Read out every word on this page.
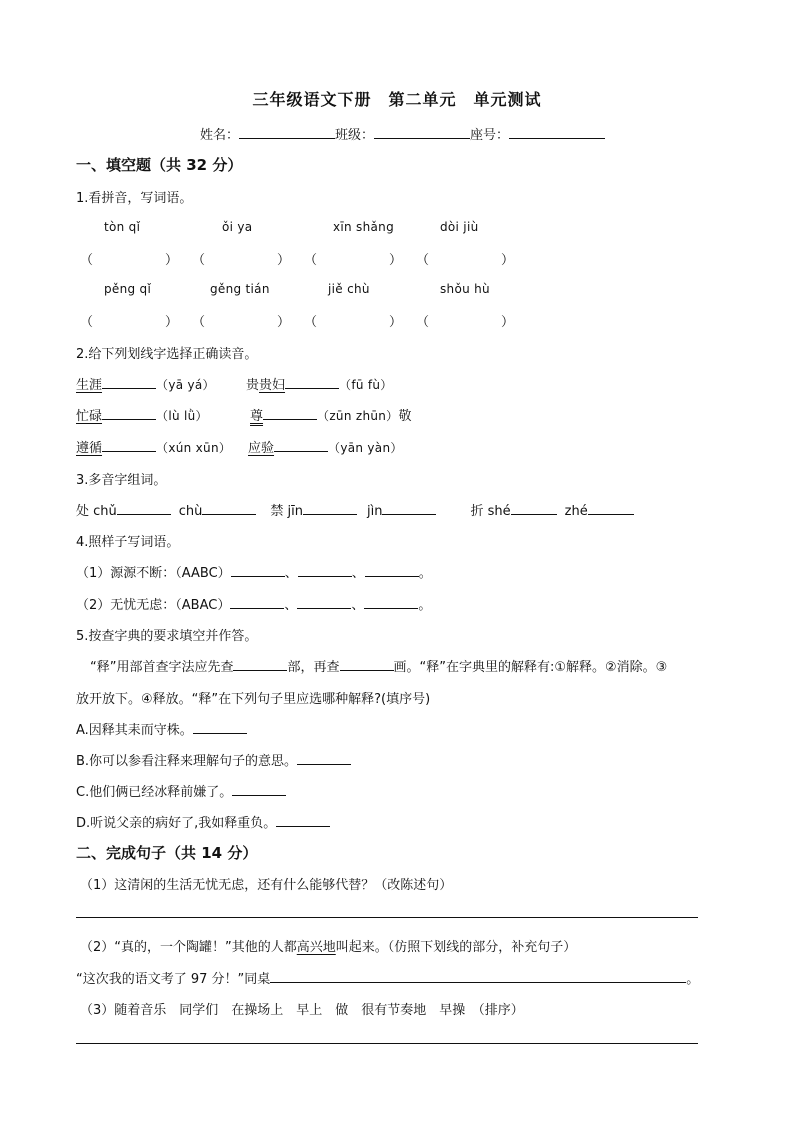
三年级语文下册　第二单元　单元测试
姓名：	班级：	座号：
一、填空题（共 32 分）
1.看拼音，写词语。
tòn qǐ	ǒi ya	xīn shǎng	dòi jiù
（	） （	） （	） （	）
pěng qǐ	gěng tián	jiě chù	shǒu hù
（	） （	） （	） （	）
2.给下列划线字选择正确读音。
生涯	（yā yá） 贵贵妇	（fū fù）
忙碌	（lù lǜ）	尊	（zūn zhūn）敬
遵循	（xún xūn） 应验	（yān yàn）
3.多音字组词。
处 chǔ	chù	禁 jīn	jìn	折 shé	zhé
4.照样子写词语。
（1）源源不断：（AABC）	、	、	。
（2）无忧无虑：（ABAC）	、	、	。
5.按查字典的要求填空并作答。
“释”用部首查字法应先查	部，再查	画。“释”在字典里的解释有:①解释。②消除。③
放开放下。④释放。“释”在下列句子里应选哪种解释?(填序号)
A.因释其耒而守株。
B.你可以参看注释来理解句子的意思。
C.他们俩已经冰释前嫌了。
D.听说父亲的病好了,我如释重负。
二、完成句子（共 14 分）
（1）这清闲的生活无忧无虑，还有什么能够代替？（改陈述句）
（2）“真的，一个陶罐！”其他的人都高兴地叫起来。（仿照下划线的部分，补充句子）
“这次我的语文考了 97 分！”同桌	。
（3）随着音乐　同学们　在操场上　早上　做　很有节奏地　早操　（排序）
